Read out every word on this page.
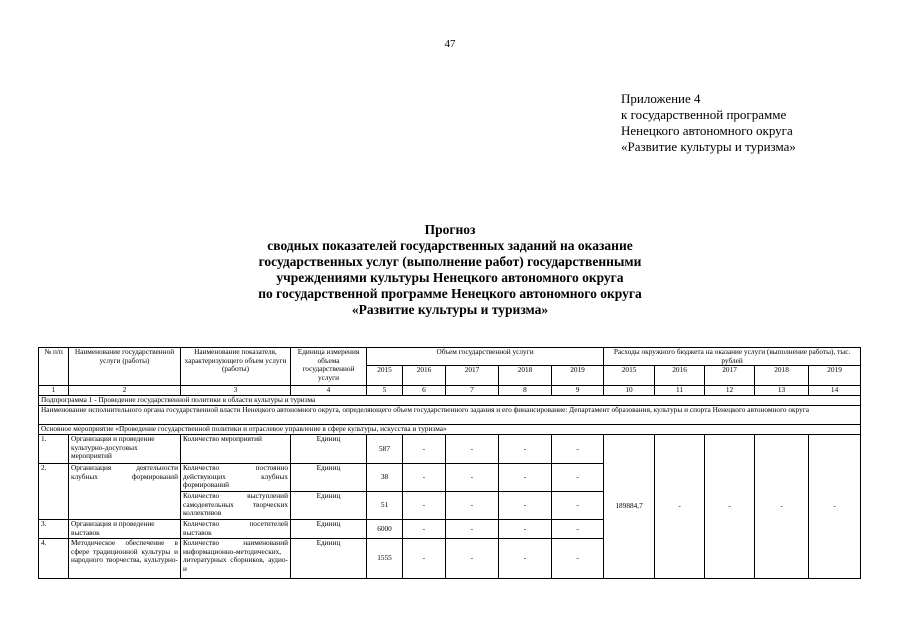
47
Приложение 4
к государственной программе
Ненецкого автономного округа
«Развитие культуры и туризма»
Прогноз
сводных показателей государственных заданий на оказание
государственных услуг (выполнение работ) государственными
учреждениями культуры Ненецкого автономного округа
по государственной программе Ненецкого автономного округа
«Развитие культуры и туризма»
№ п/п	Наименование государственной услуги (работы)	Наименование показателя, характеризующего объем услуги (работы)	Единица измерения объема государственной услуги	Объем государственной услуги					Расходы окружного бюджета на оказание услуги (выполнение работы), тыс. рублей				
				2015	2016	2017	2018	2019	2015	2016	2017	2018	2019
1	2	3	4	5	6	7	8	9	10	11	12	13	14
Подпрограмма 1 - Проведение государственной политики в области культуры и туризма													
Наименование исполнительного органа государственной власти Ненецкого автономного округа, определяющего объем государственного задания и его финансирование: Департамент образования, культуры и спорта Ненецкого автономного округа													
Основное мероприятие «Проведение государственной политики и отраслевое управление в сфере культуры, искусства и туризма»													
1.	Организация и проведение культурно-досуговых мероприятий	Количество мероприятий	Единиц	587	-	-	-	-	189884,7	-	-	-	-
2.	Организация деятельности клубных формирований	Количество постоянно действующих клубных формирований	Единиц	38	-	-	-	-					
		Количество выступлений самодеятельных творческих коллективов	Единиц	51	-	-	-	-					
3.	Организация и проведение выставок	Количество посетителей выставок	Единиц	6000	-	-	-	-					
4.	Методическое обеспечение в сфере традиционной культуры и народного творчества, культурно-	Количество наименований информационно-методических, литературных сборников, аудио- и	Единиц	1555	-	-	-	-					
